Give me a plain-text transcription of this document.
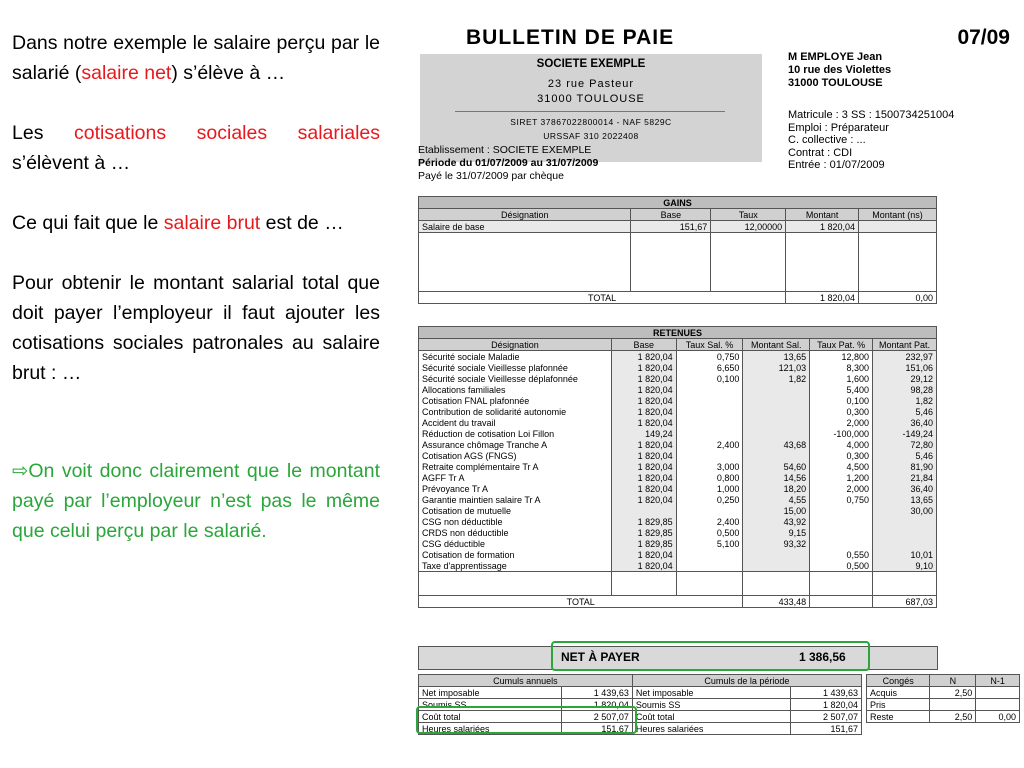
Dans notre exemple le salaire perçu par le salarié (salaire net) s’élève à …

Les cotisations sociales salariales s’élèvent à …

Ce qui fait que le salaire brut est de …

Pour obtenir le montant salarial total que doit payer l’employeur il faut ajouter les cotisations sociales patronales au salaire brut : …

⇨On voit donc clairement que le montant payé par l’employeur n’est pas le même que celui perçu par le salarié.

BULLETIN DE PAIE	07/09
SOCIETE EXEMPLE
23 rue Pasteur
31000 TOULOUSE
SIRET 37867022800014 - NAF 5829C
URSSAF 310 2022408
M EMPLOYE Jean
10 rue des Violettes
31000 TOULOUSE
Matricule : 3 SS : 1500734251004
Emploi : Préparateur
C. collective : ...
Contrat : CDI
Entrée : 01/07/2009
Etablissement : SOCIETE EXEMPLE
Période du 01/07/2009 au 31/07/2009
Payé le 31/07/2009 par chèque
GAINS				
Désignation	Base	Taux	Montant	Montant (ns)
Salaire de base	151,67	12,00000	1 820,04	

TOTAL			1 820,04	0,00
RETENUES					
Désignation	Base	Taux Sal. %	Montant Sal.	Taux Pat. %	Montant Pat.
Sécurité sociale Maladie	1 820,04	0,750	13,65	12,800	232,97
Sécurité sociale Vieillesse plafonnée	1 820,04	6,650	121,03	8,300	151,06
Sécurité sociale Vieillesse déplafonnée	1 820,04	0,100	1,82	1,600	29,12
Allocations familiales	1 820,04			5,400	98,28
Cotisation FNAL plafonnée	1 820,04			0,100	1,82
Contribution de solidarité autonomie	1 820,04			0,300	5,46
Accident du travail	1 820,04			2,000	36,40
Réduction de cotisation Loi Fillon	149,24			-100,000	-149,24
Assurance chômage Tranche A	1 820,04	2,400	43,68	4,000	72,80
Cotisation AGS (FNGS)	1 820,04			0,300	5,46
Retraite complémentaire Tr A	1 820,04	3,000	54,60	4,500	81,90
AGFF Tr A	1 820,04	0,800	14,56	1,200	21,84
Prévoyance Tr A	1 820,04	1,000	18,20	2,000	36,40
Garantie maintien salaire Tr A	1 820,04	0,250	4,55	0,750	13,65
Cotisation de mutuelle			15,00		30,00
CSG non déductible	1 829,85	2,400	43,92		
CRDS non déductible	1 829,85	0,500	9,15		
CSG déductible	1 829,85	5,100	93,32		
Cotisation de formation	1 820,04			0,550	10,01
Taxe d'apprentissage	1 820,04			0,500	9,10

TOTAL			433,48		687,03
NET À PAYER	1 386,56
Cumuls annuels		Cumuls de la période	
Net imposable	1 439,63	Net imposable	1 439,63
Soumis SS	1 820,04	Soumis SS	1 820,04
Coût total	2 507,07	Coût total	2 507,07
Heures salariées	151,67	Heures salariées	151,67
Congés	N	N-1
Acquis	2,50	
Pris		
Reste	2,50	0,00
